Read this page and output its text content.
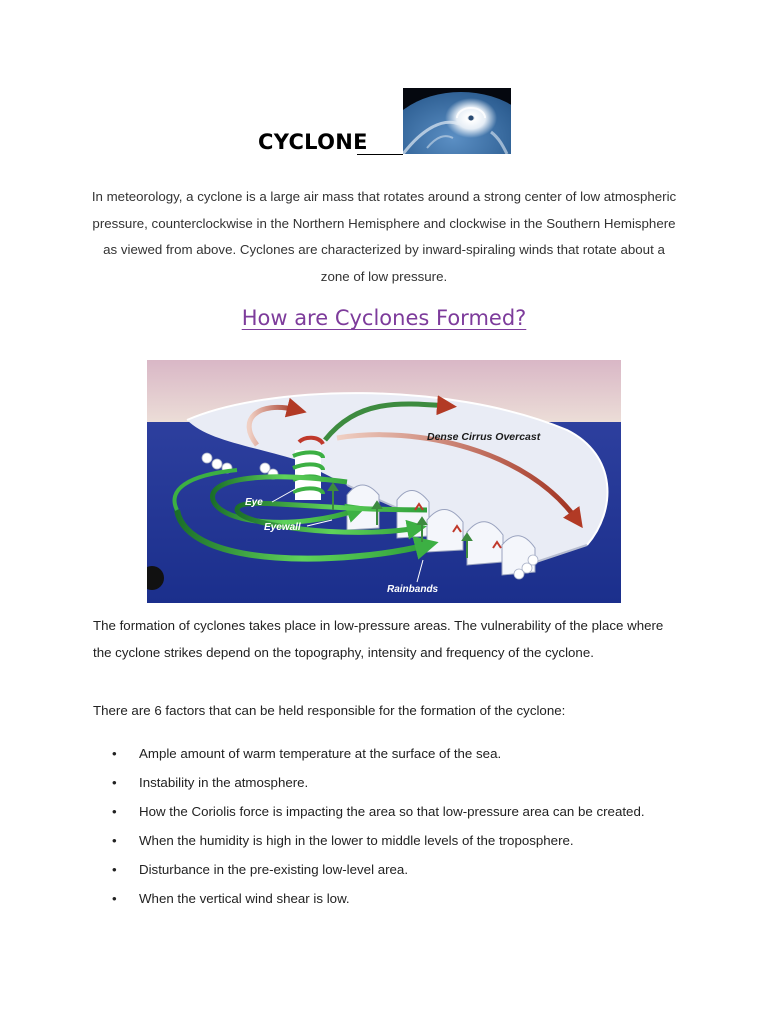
CYCLONE
In meteorology, a cyclone is a large air mass that rotates around a strong center of low atmospheric pressure, counterclockwise in the Northern Hemisphere and clockwise in the Southern Hemisphere as viewed from above. Cyclones are characterized by inward-spiraling winds that rotate about a zone of low pressure.
How are Cyclones Formed?
Dense Cirrus Overcast
Eye
Eyewall
Rainbands
The formation of cyclones takes place in low-pressure areas. The vulnerability of the place where the cyclone strikes depend on the topography, intensity and frequency of the cyclone.
There are 6 factors that can be held responsible for the formation of the cyclone:
• Ample amount of warm temperature at the surface of the sea.
• Instability in the atmosphere.
• How the Coriolis force is impacting the area so that low-pressure area can be created.
• When the humidity is high in the lower to middle levels of the troposphere.
• Disturbance in the pre-existing low-level area.
• When the vertical wind shear is low.
